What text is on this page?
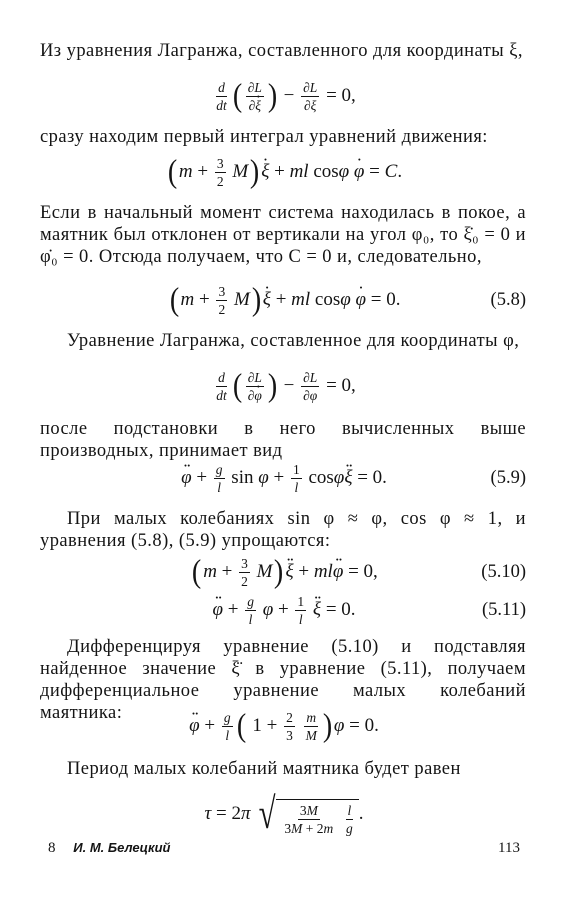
Из уравнения Лагранжа, составленного для координаты ξ,
$\frac{d}{dt}$ ( $\frac{\partial L}{\partial\cdot \xi}$ ) − $\frac{\partial L}{\partial\xi} = 0$,
сразу находим первый интеграл уравнений движения:
( $m + \frac{3}{2}$
M ) · ξ + ml cos φ
· φ = C .
Если в начальный момент система находилась в покое, а маятник был отклонен от вертикали на угол φ₀, то ξ̇₀ = 0 и φ̇₀ = 0. Отсюда получаем, что C = 0 и, следовательно,
( $m + \frac{3}{2}$
M ) · ξ + ml cos φ
· φ = 0.	(5.8)
Уравнение Лагранжа, составленное для координаты φ,
$\frac{d}{dt}$ ( $\frac{\partial L}{\partial\cdot \varphi}$ ) − $\frac{\partial L}{\partial\varphi} = 0$,
после подстановки в него вычисленных выше производных, принимает вид
·· $\varphi + \frac{g}{l}$ $\sin \varphi + \frac{1}{l}$ cos φ ·· ξ = 0.	(5.9)
При малых колебаниях sin φ ≈ φ, cos φ ≈ 1, и уравнения (5.8), (5.9) упрощаются:
( $m + \frac{3}{2}$
M ) ·· ξ + ml ·· φ = 0,	(5.10)
·· $\varphi + \frac{g}{l}$
$\varphi + \frac{1}{l}$
·· ξ = 0.	(5.11)
Дифференцируя уравнение (5.10) и подставляя найденное значение ξ̈ в уравнение (5.11), получаем дифференциальное уравнение малых колебаний маятника:
·· $\varphi + \frac{g}{l}$ ( $1 + \frac{2}{3}$
$\frac{m}{M}$ ) φ = 0.
Период малых колебаний маятника будет равен
τ = 2 π
√ $\frac{3M}{3M + 2m}$
$\frac{l}{g}$ .
8 И. М. Белецкий	113
